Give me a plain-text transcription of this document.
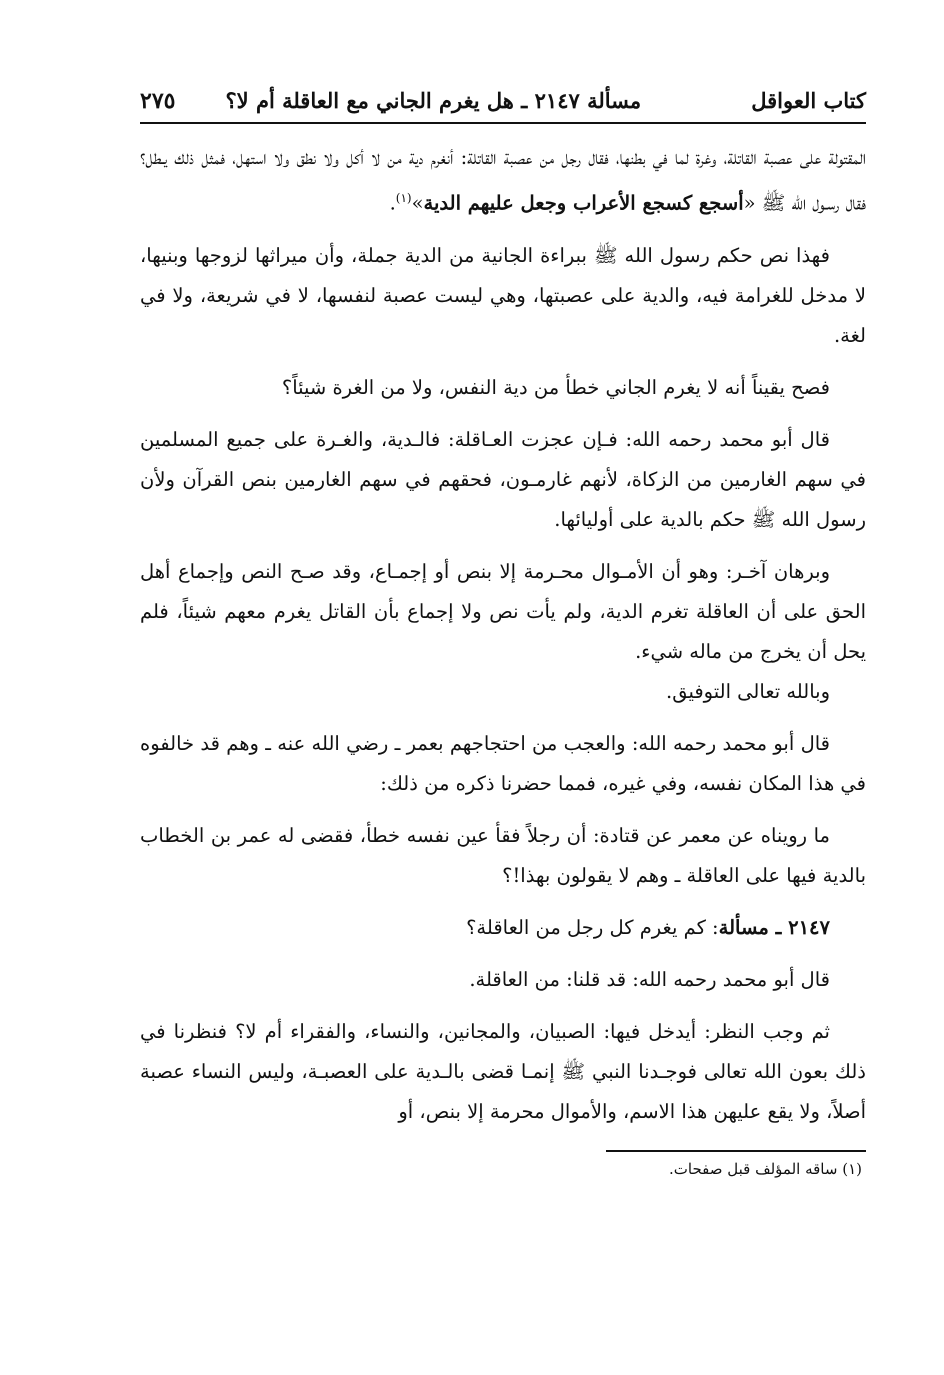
كتاب العواقل
مسألة ٢١٤٧ ـ هل يغرم الجاني مع العاقلة أم لا؟
٢٧٥

المقتولة على عصبة القاتلة، وغرة لما في بطنها، فقال رجل من عصبة القاتلة: أنغرم دية من لا أكل ولا نطق ولا استهل، فمثل ذلك يـطل؟ فقال رسـول الله ﷺ «أسجع كسجع الأعراب وجعل عليهم الدية»$^{(١)}$.

فهذا نص حكم رسول الله ﷺ ببراءة الجانية من الدية جملة، وأن ميراثها لزوجها وبنيها، لا مدخل للغرامة فيه، والدية على عصبتها، وهي ليست عصبة لنفسها، لا في شريعة، ولا في لغة.

فصح يقيناً أنه لا يغرم الجاني خطأ من دية النفس، ولا من الغرة شيئاً؟

قال أبو محمد رحمه الله: فـإن عجزت العـاقلة: فالـدية، والغـرة على جميع المسلمين في سهم الغارمين من الزكاة، لأنهم غارمـون، فحقهم في سهم الغارمين بنص القرآن ولأن رسول الله ﷺ حكم بالدية على أوليائها.

وبرهان آخـر: وهو أن الأمـوال محـرمة إلا بنص أو إجمـاع، وقد صـح النص وإجماع أهل الحق على أن العاقلة تغرم الدية، ولم يأت نص ولا إجماع بأن القاتل يغرم معهم شيئاً، فلم يحل أن يخرج من ماله شيء.

وبالله تعالى التوفيق.

قال أبو محمد رحمه الله: والعجب من احتجاجهم بعمر ـ رضي الله عنه ـ وهم قد خالفوه في هذا المكان نفسه، وفي غيره، فمما حضرنا ذكره من ذلك:

ما رويناه عن معمر عن قتادة: أن رجلاً فقأ عين نفسه خطأ، فقضى له عمر بن الخطاب بالدية فيها على العاقلة ـ وهم لا يقولون بهذا!؟

٢١٤٧ ـ مسألة: كم يغرم كل رجل من العاقلة؟

قال أبو محمد رحمه الله: قد قلنا: من العاقلة.

ثم وجب النظر: أيدخل فيها: الصبيان، والمجانين، والنساء، والفقراء أم لا؟ فنظرنا في ذلك بعون الله تعالى فوجـدنا النبي ﷺ إنمـا قضى بالـدية على العصبـة، وليس النساء عصبة أصلاً، ولا يقع عليهن هذا الاسم، والأموال محرمة إلا بنص، أو

(١) ساقه المؤلف قبل صفحات.
